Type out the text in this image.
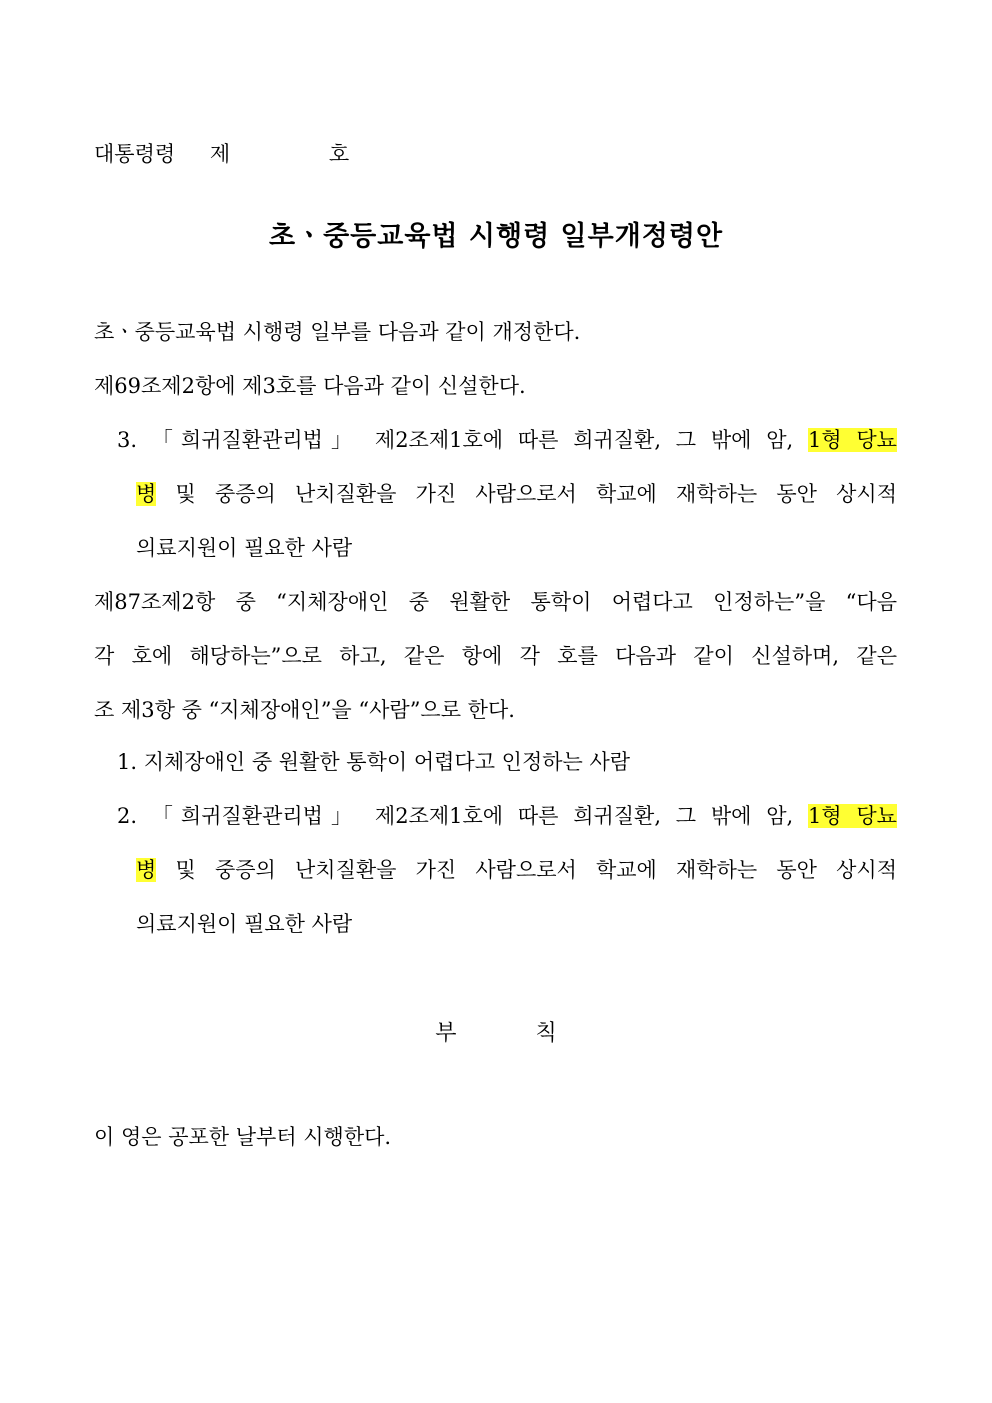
대통령령 제	호
초ㆍ중등교육법 시행령 일부개정령안
초ㆍ중등교육법 시행령 일부를 다음과 같이 개정한다.
제69조제2항에 제3호를 다음과 같이 신설한다.
3. 「희귀질환관리법」 제2조제1호에 따른 희귀질환, 그 밖에 암, 1형 당뇨
병 및 중증의 난치질환을 가진 사람으로서 학교에 재학하는 동안 상시적
의료지원이 필요한 사람
제87조제2항 중 “지체장애인 중 원활한 통학이 어렵다고 인정하는”을 “다음
각 호에 해당하는”으로 하고, 같은 항에 각 호를 다음과 같이 신설하며, 같은
조 제3항 중 “지체장애인”을 “사람”으로 한다.
1. 지체장애인 중 원활한 통학이 어렵다고 인정하는 사람
2. 「희귀질환관리법」 제2조제1호에 따른 희귀질환, 그 밖에 암, 1형 당뇨
병 및 중증의 난치질환을 가진 사람으로서 학교에 재학하는 동안 상시적
의료지원이 필요한 사람
부	칙
이 영은 공포한 날부터 시행한다.
